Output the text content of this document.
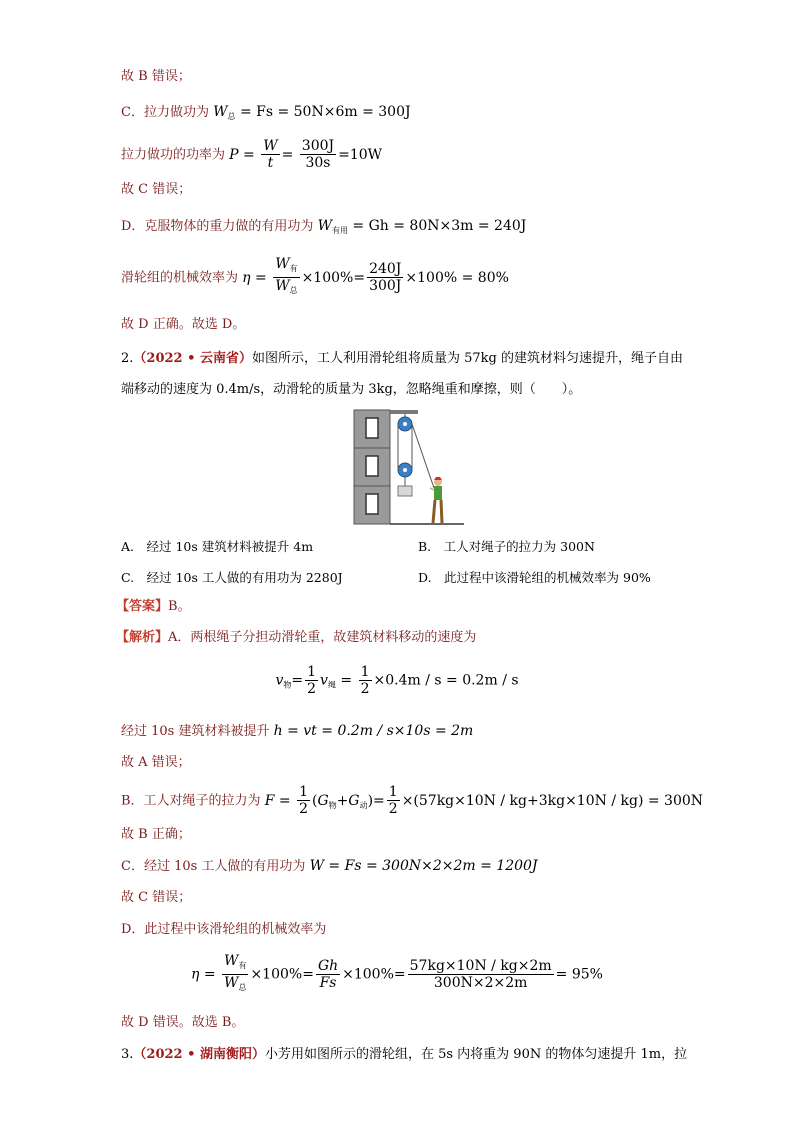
故 B 错误；
C．拉力做功为 $W_总 = Fs = 50N\times 6m = 300J$
拉力做功的功率为 $P = \frac{W}{t} = \frac{300J}{30s} =10W$
故 C 错误；
D．克服物体的重力做的有用功为 $W_{有用} = Gh = 80N\times 3m = 240J$
滑轮组的机械效率为 $\eta = \frac{W_有}{W_总} \times 100\%= \frac{240J}{300J} \times 100\% = 80\%$
故 D 正确。故选 D。
2.（2022 • 云南省）如图所示，工人利用滑轮组将质量为 57kg 的建筑材料匀速提升，绳子自由
端移动的速度为 0.4m/s，动滑轮的质量为 3kg，忽略绳重和摩擦，则（　　）。
A.　经过 10s 建筑材料被提升 4m	B.　工人对绳子的拉力为 300N
C.　经过 10s 工人做的有用功为 2280J	D.　此过程中该滑轮组的机械效率为 90%
【答案】B。
【解析】A．两根绳子分担动滑轮重，故建筑材料移动的速度为
$v_物= \frac{1}{2} v_绳 = \frac{1}{2} \times 0.4m / s = 0.2m / s$
经过 10s 建筑材料被提升 h = vt = 0.2m / s×10s = 2m
故 A 错误；
B．工人对绳子的拉力为 $F = \frac{1}{2} (G_物+G_动)= \frac{1}{2} \times(57kg\times 10N / kg+3kg\times 10N / kg) = 300N$
故 B 正确；
C．经过 10s 工人做的有用功为 W = Fs = 300N×2×2m = 1200J
故 C 错误；
D．此过程中该滑轮组的机械效率为
$\eta = \frac{W_有}{W_总} \times 100\%= \frac{Gh}{Fs} \times 100\%= \frac{57kg\times 10N / kg\times 2m}{300N\times 2\times 2m} = 95\%$
故 D 错误。故选 B。
3.（2022 • 湖南衡阳）小芳用如图所示的滑轮组，在 5s 内将重为 90N 的物体匀速提升 1m，拉
